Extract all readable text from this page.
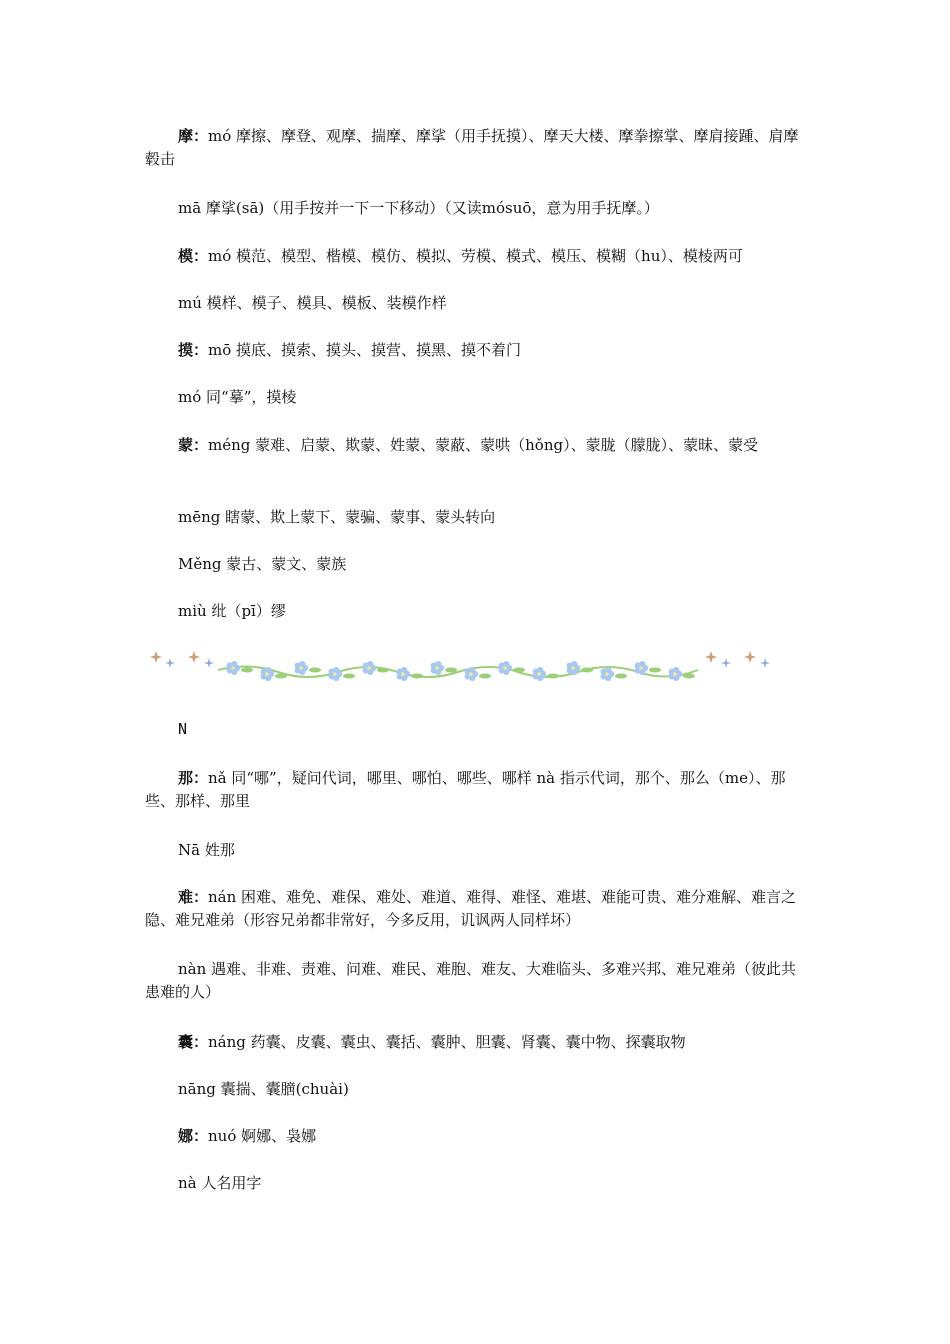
摩：mó 摩擦、摩登、观摩、揣摩、摩挲（用手抚摸）、摩天大楼、摩拳擦掌、摩肩接踵、肩摩毂击

mā 摩挲(sā)（用手按并一下一下移动）（又读mósuō，意为用手抚摩。）

模：mó 模范、模型、楷模、模仿、模拟、劳模、模式、模压、模糊（hu）、模棱两可

mú 模样、模子、模具、模板、装模作样

摸：mō 摸底、摸索、摸头、摸营、摸黑、摸不着门

mó 同“摹”，摸棱

蒙：méng 蒙难、启蒙、欺蒙、姓蒙、蒙蔽、蒙哄（hǒng）、蒙胧（朦胧）、蒙昧、蒙受

mēng 瞎蒙、欺上蒙下、蒙骗、蒙事、蒙头转向

Měng 蒙古、蒙文、蒙族

miù 纰（pī）缪

N

那：nǎ 同“哪”，疑问代词，哪里、哪怕、哪些、哪样 nà 指示代词，那个、那么（me）、那些、那样、那里

Nā 姓那

难：nán 困难、难免、难保、难处、难道、难得、难怪、难堪、难能可贵、难分难解、难言之隐、难兄难弟（形容兄弟都非常好，今多反用，讥讽两人同样坏）

nàn 遇难、非难、责难、问难、难民、难胞、难友、大难临头、多难兴邦、难兄难弟（彼此共患难的人）

囊：náng 药囊、皮囊、囊虫、囊括、囊肿、胆囊、肾囊、囊中物、探囊取物

nāng 囊揣、囊膪(chuài)

娜：nuó 婀娜、袅娜

nà 人名用字
